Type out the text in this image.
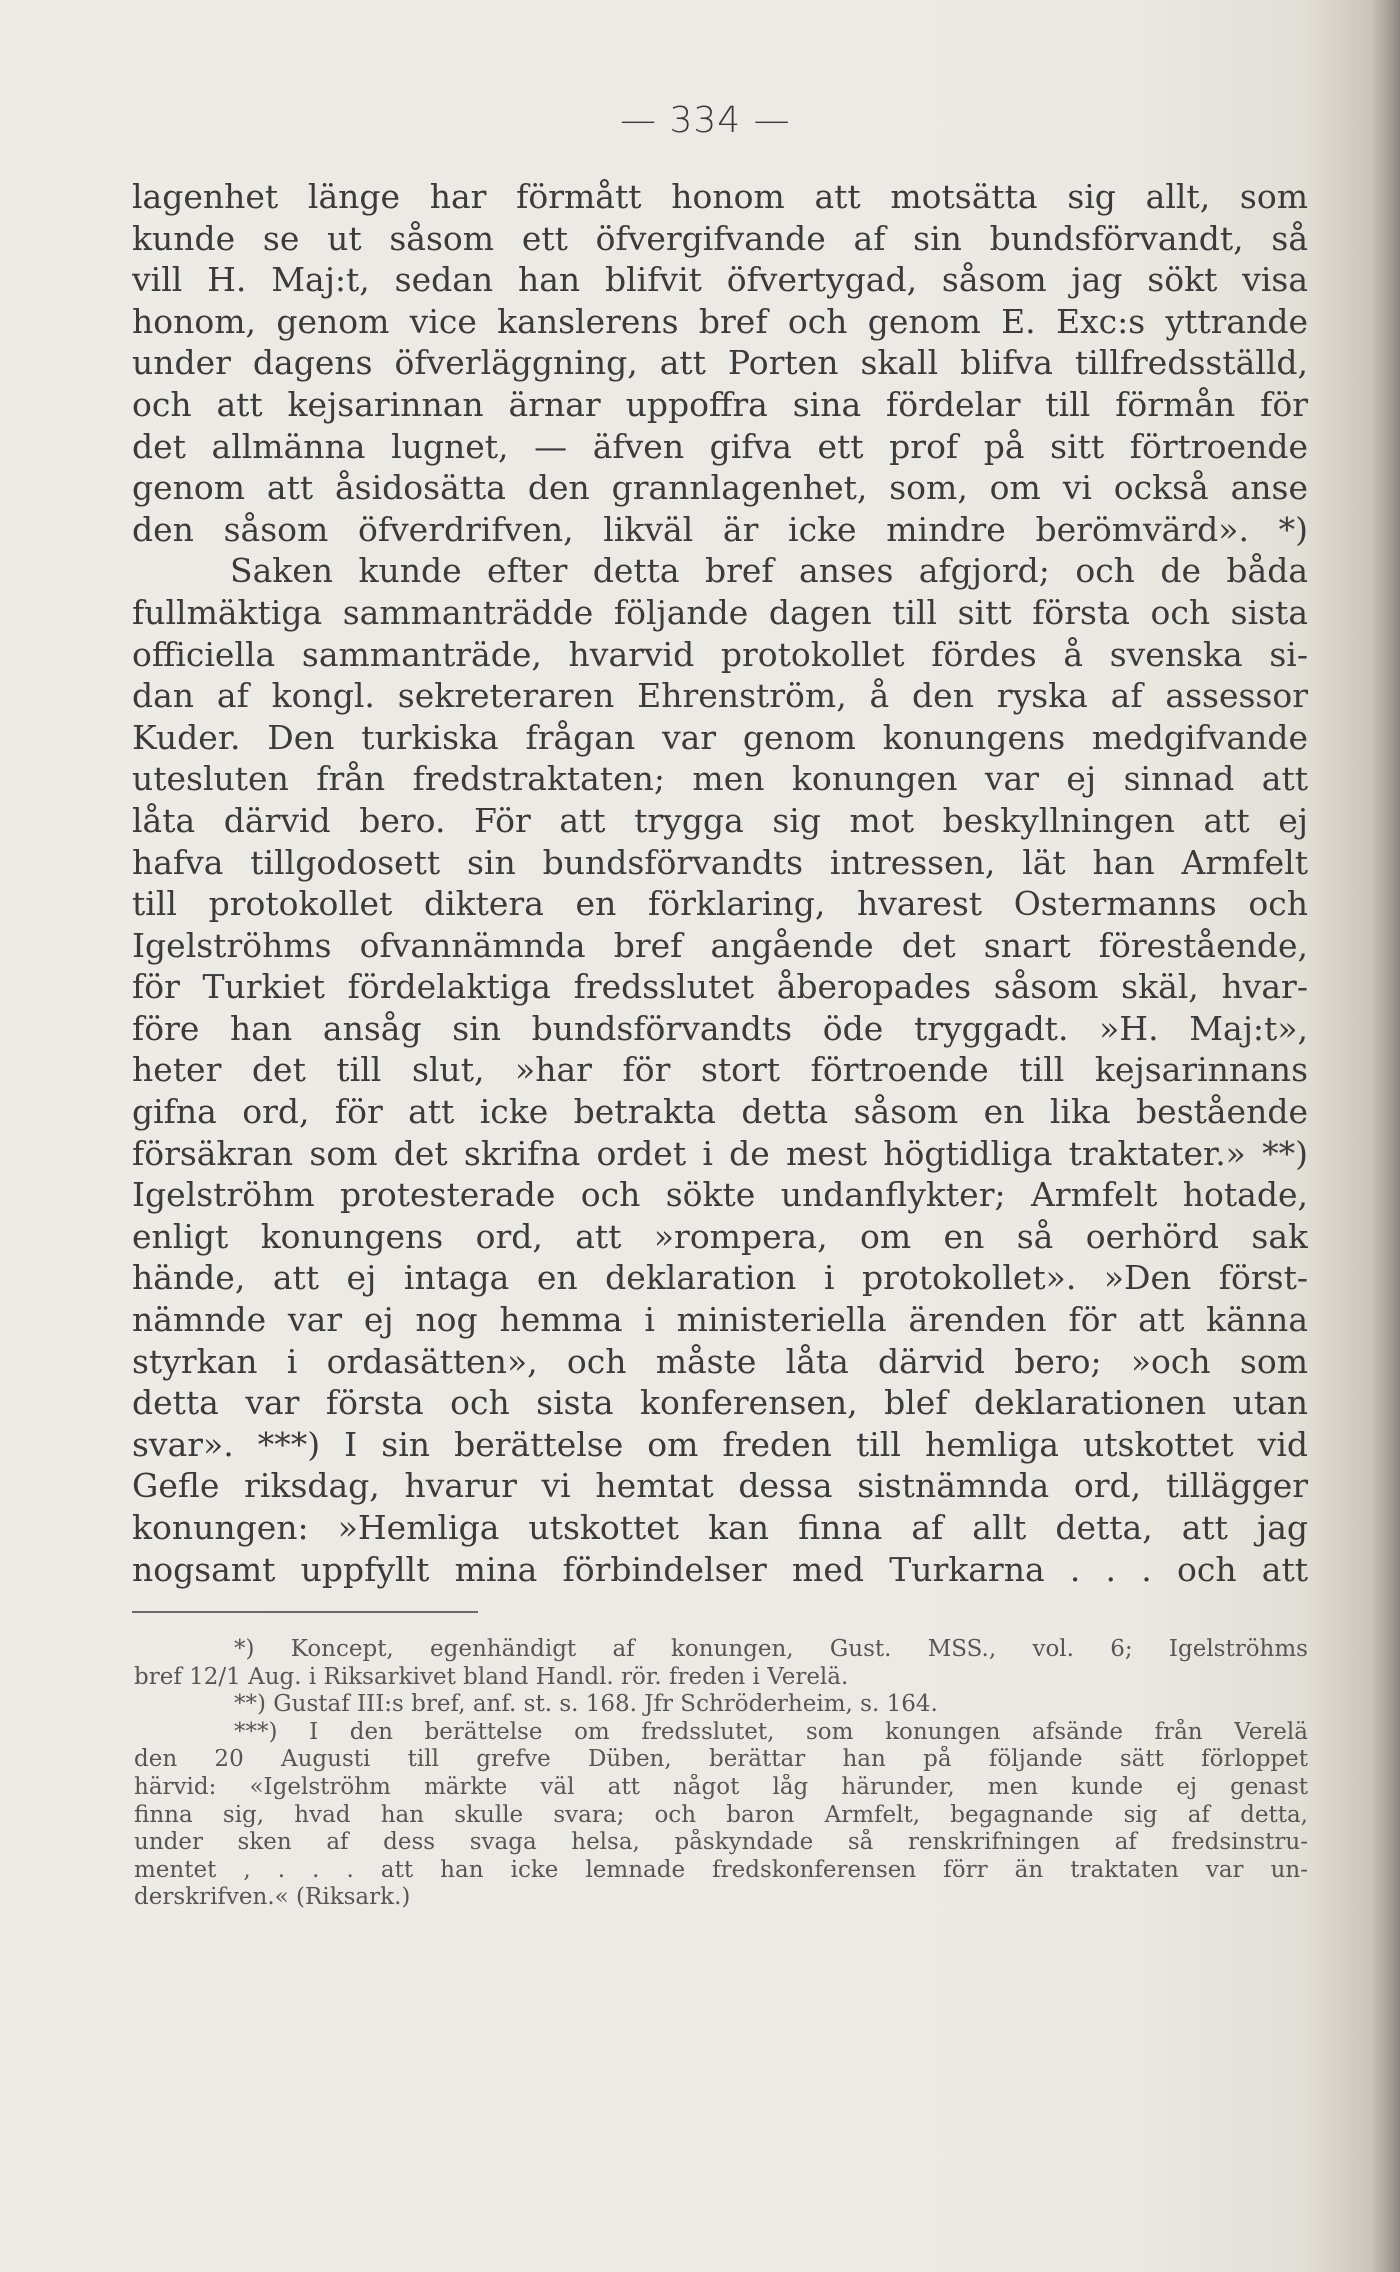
— 334 —
lagenhet länge har förmått honom att motsätta sig allt, som
kunde se ut såsom ett öfvergifvande af sin bundsförvandt, så
vill H. Maj:t, sedan han blifvit öfvertygad, såsom jag sökt visa
honom, genom vice kanslerens bref och genom E. Exc:s yttrande
under dagens öfverläggning, att Porten skall blifva tillfredsställd,
och att kejsarinnan ärnar uppoffra sina fördelar till förmån för
det allmänna lugnet, — äfven gifva ett prof på sitt förtroende
genom att åsidosätta den grannlagenhet, som, om vi också anse
den såsom öfverdrifven, likväl är icke mindre berömvärd». *)
Saken kunde efter detta bref anses afgjord; och de båda
fullmäktiga sammanträdde följande dagen till sitt första och sista
officiella sammanträde, hvarvid protokollet fördes å svenska si-
dan af kongl. sekreteraren Ehrenström, å den ryska af assessor
Kuder. Den turkiska frågan var genom konungens medgifvande
utesluten från fredstraktaten; men konungen var ej sinnad att
låta därvid bero. För att trygga sig mot beskyllningen att ej
hafva tillgodosett sin bundsförvandts intressen, lät han Armfelt
till protokollet diktera en förklaring, hvarest Ostermanns och
Igelströhms ofvannämnda bref angående det snart förestående,
för Turkiet fördelaktiga fredsslutet åberopades såsom skäl, hvar-
före han ansåg sin bundsförvandts öde tryggadt. »H. Maj:t»,
heter det till slut, »har för stort förtroende till kejsarinnans
gifna ord, för att icke betrakta detta såsom en lika bestående
försäkran som det skrifna ordet i de mest högtidliga traktater.» **)
Igelströhm protesterade och sökte undanflykter; Armfelt hotade,
enligt konungens ord, att »rompera, om en så oerhörd sak
hände, att ej intaga en deklaration i protokollet». »Den först-
nämnde var ej nog hemma i ministeriella ärenden för att känna
styrkan i ordasätten», och måste låta därvid bero; »och som
detta var första och sista konferensen, blef deklarationen utan
svar». ***) I sin berättelse om freden till hemliga utskottet vid
Gefle riksdag, hvarur vi hemtat dessa sistnämnda ord, tillägger
konungen: »Hemliga utskottet kan finna af allt detta, att jag
nogsamt uppfyllt mina förbindelser med Turkarna . . . och att
*) Koncept, egenhändigt af konungen, Gust. MSS., vol. 6; Igelströhms
bref 12/1 Aug. i Riksarkivet bland Handl. rör. freden i Verelä.
**) Gustaf III:s bref, anf. st. s. 168. Jfr Schröderheim, s. 164.
***) I den berättelse om fredsslutet, som konungen afsände från Verelä
den 20 Augusti till grefve Düben, berättar han på följande sätt förloppet
härvid: «Igelströhm märkte väl att något låg härunder, men kunde ej genast
finna sig, hvad han skulle svara; och baron Armfelt, begagnande sig af detta,
under sken af dess svaga helsa, påskyndade så renskrifningen af fredsinstru-
mentet , . . . att han icke lemnade fredskonferensen förr än traktaten var un-
derskrifven.« (Riksark.)
